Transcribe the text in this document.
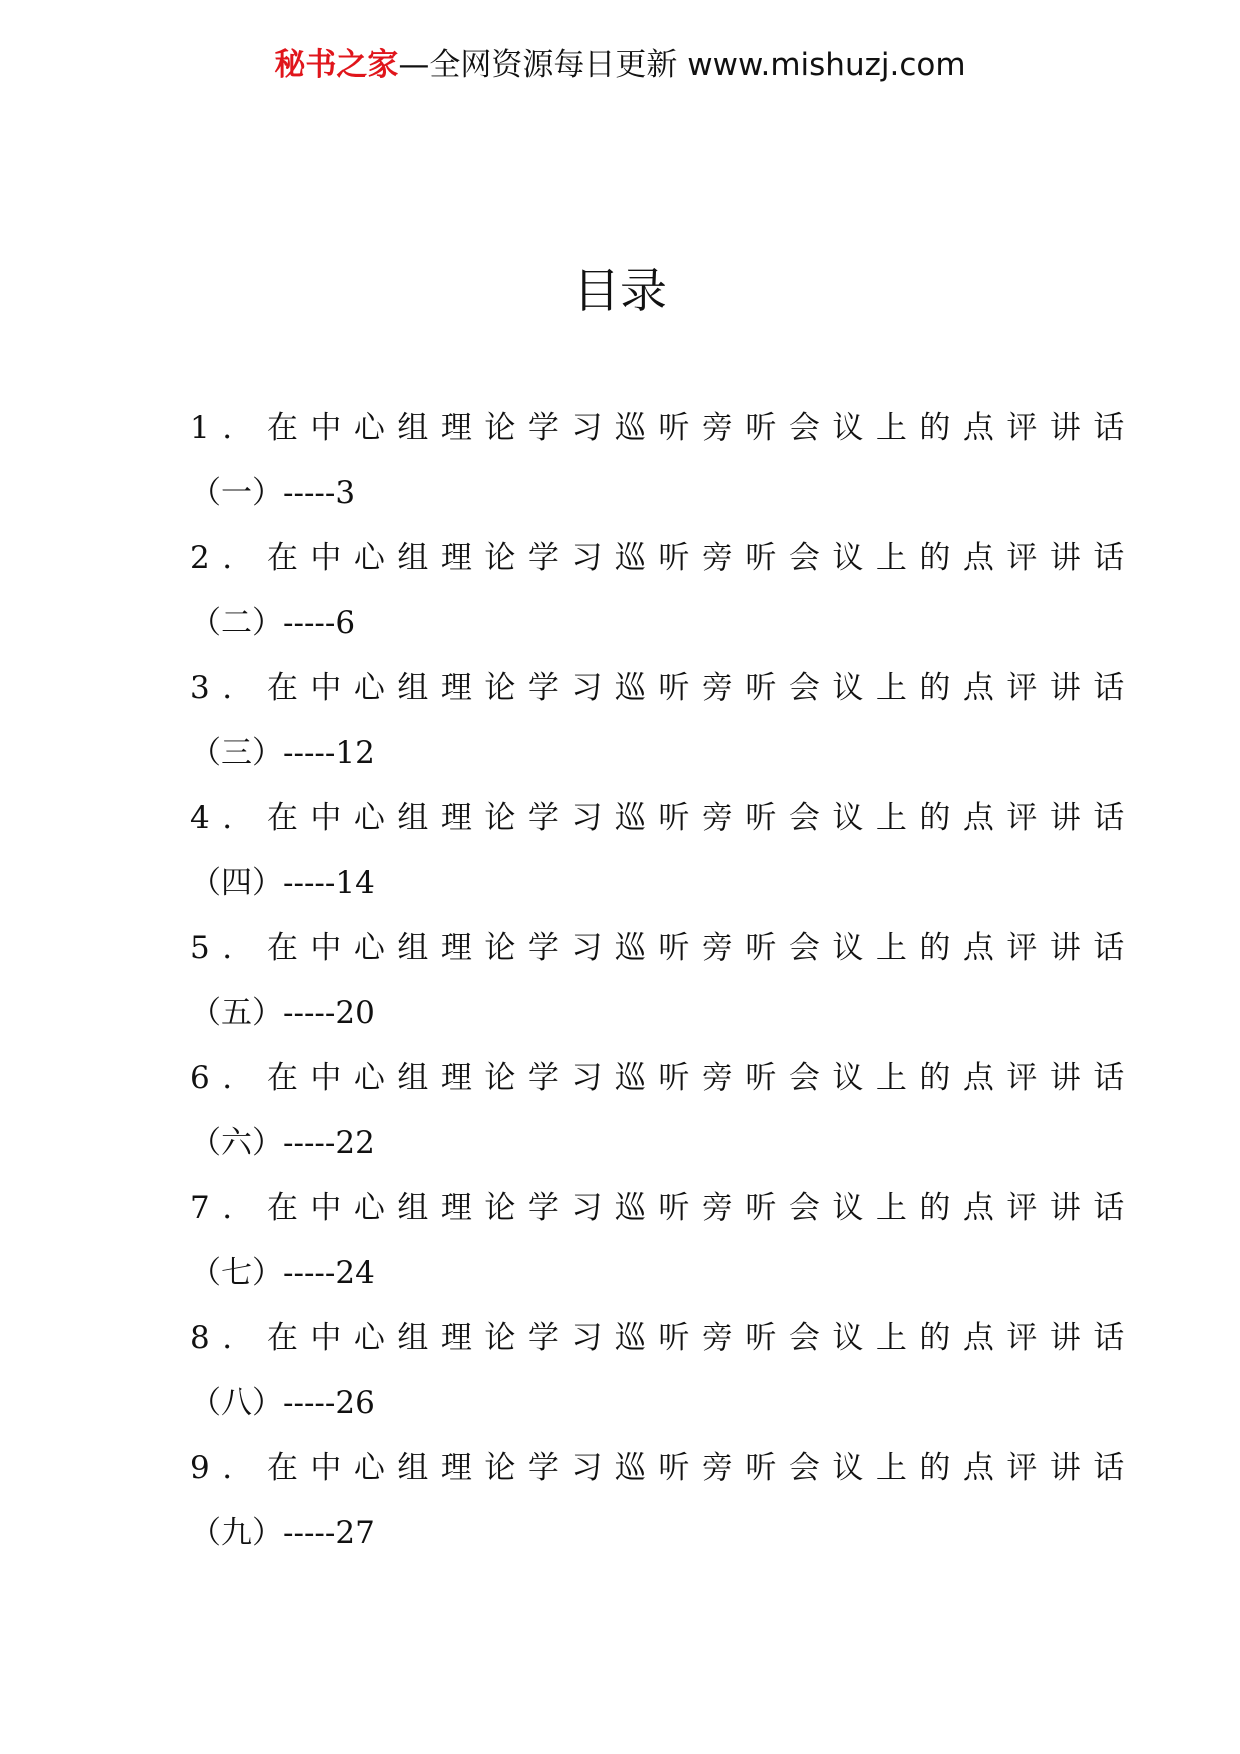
秘书之家—全网资源每日更新 www.mishuzj.com
目录
1. 在中心组理论学习巡听旁听会议上的点评讲话
（一）-----3
2. 在中心组理论学习巡听旁听会议上的点评讲话
（二）-----6
3. 在中心组理论学习巡听旁听会议上的点评讲话
（三）-----12
4. 在中心组理论学习巡听旁听会议上的点评讲话
（四）-----14
5. 在中心组理论学习巡听旁听会议上的点评讲话
（五）-----20
6. 在中心组理论学习巡听旁听会议上的点评讲话
（六）-----22
7. 在中心组理论学习巡听旁听会议上的点评讲话
（七）-----24
8. 在中心组理论学习巡听旁听会议上的点评讲话
（八）-----26
9. 在中心组理论学习巡听旁听会议上的点评讲话
（九）-----27
